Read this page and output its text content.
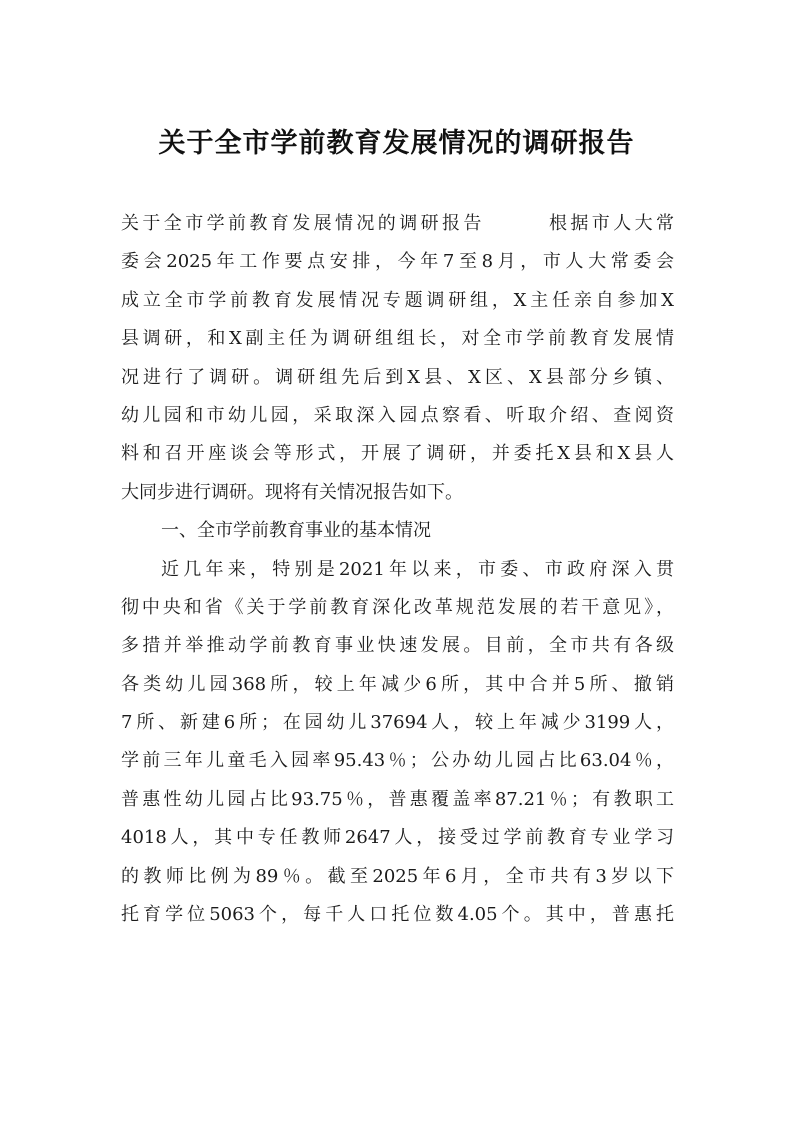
关于全市学前教育发展情况的调研报告
关于全市学前教育发展情况的调研报告　　　根据市人大常
委会2025年工作要点安排，今年7至8月，市人大常委会
成立全市学前教育发展情况专题调研组，X主任亲自参加X
县调研，和X副主任为调研组组长，对全市学前教育发展情
况进行了调研。调研组先后到X县、X区、X县部分乡镇、
幼儿园和市幼儿园，采取深入园点察看、听取介绍、查阅资
料和召开座谈会等形式，开展了调研，并委托X县和X县人
大同步进行调研。现将有关情况报告如下。
一、全市学前教育事业的基本情况
近几年来，特别是2021年以来，市委、市政府深入贯
彻中央和省《关于学前教育深化改革规范发展的若干意见》，
多措并举推动学前教育事业快速发展。目前，全市共有各级
各类幼儿园368所，较上年减少6所，其中合并5所、撤销
7所、新建6所；在园幼儿37694人，较上年减少3199人，
学前三年儿童毛入园率95.43％；公办幼儿园占比63.04％，
普惠性幼儿园占比93.75％，普惠覆盖率87.21％；有教职工
4018人，其中专任教师2647人，接受过学前教育专业学习
的教师比例为89％。截至2025年6月，全市共有3岁以下
托育学位5063个，每千人口托位数4.05个。其中，普惠托
